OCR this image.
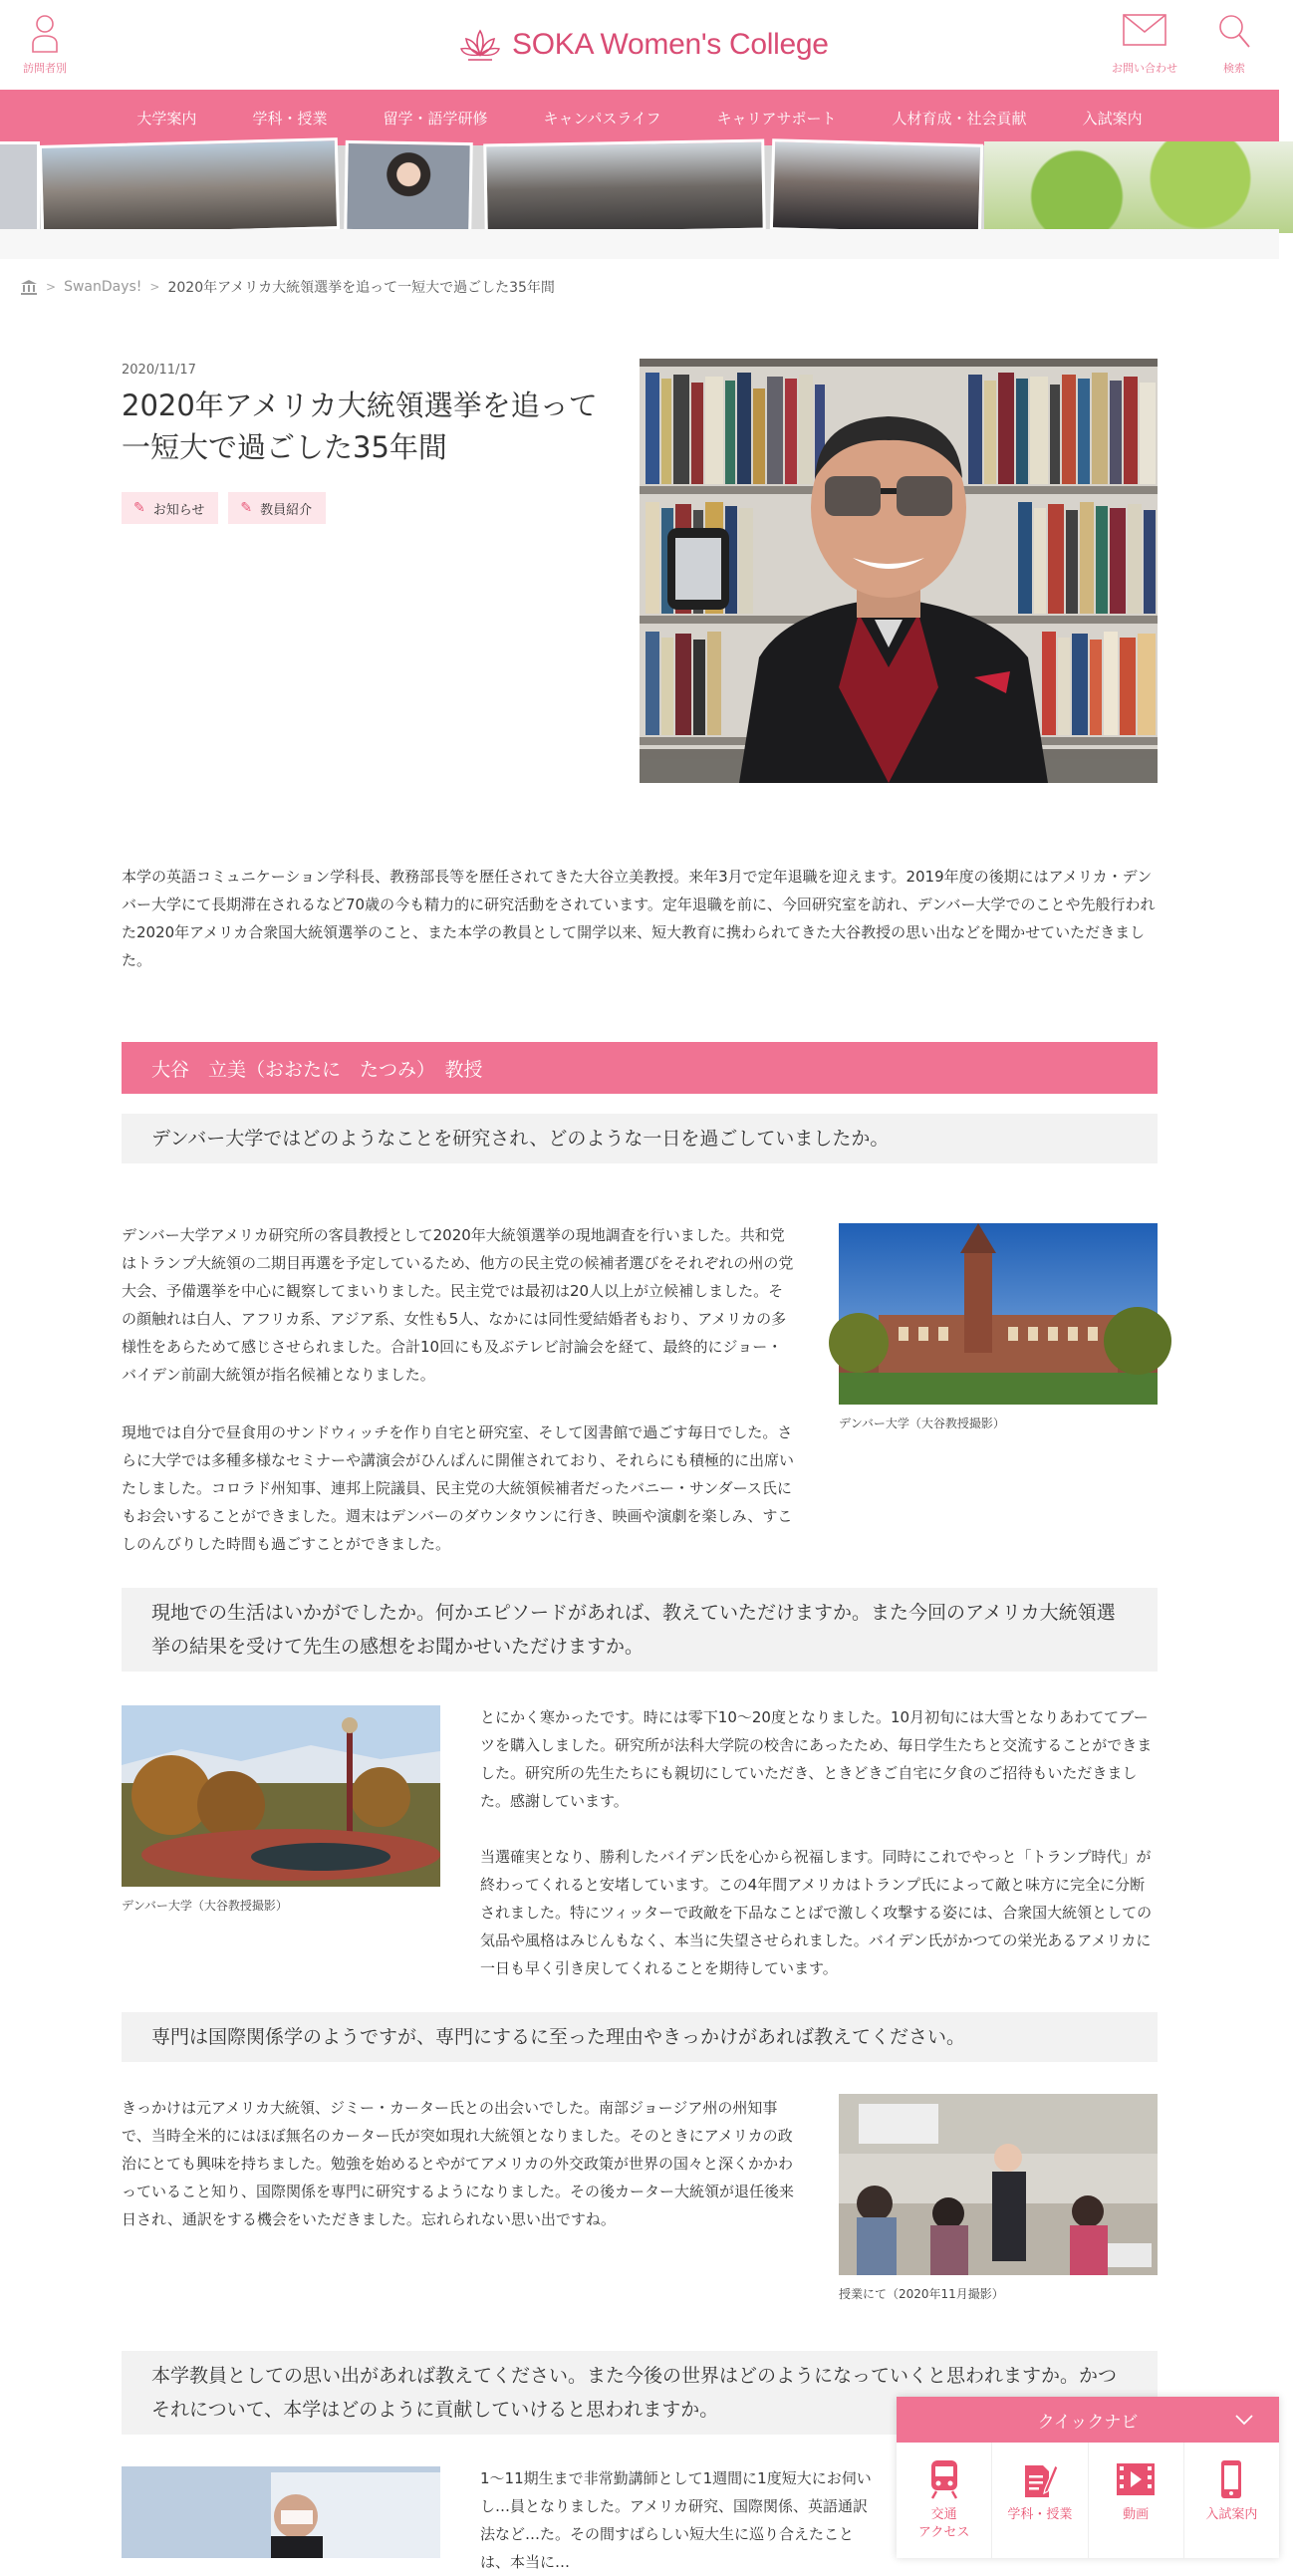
訪問者別
SOKA Women's College
お問い合わせ	検索
大学案内	学科・授業	留学・語学研修	キャンパスライフ	キャリアサポート	人材育成・社会貢献	入試案内
> SwanDays! > 2020年アメリカ大統領選挙を追って一短大で過ごした35年間
2020/11/17
2020年アメリカ大統領選挙を追って一短大で過ごした35年間
✎ お知らせ	✎ 教員紹介

本学の英語コミュニケーション学科長、教務部長等を歴任されてきた大谷立美教授。来年3月で定年退職を迎えます。2019年度の後期にはアメリカ・デンバー大学にて長期滞在されるなど70歳の今も精力的に研究活動をされています。定年退職を前に、今回研究室を訪れ、デンバー大学でのことや先般行われた2020年アメリカ合衆国大統領選挙のこと、また本学の教員として開学以来、短大教育に携わられてきた大谷教授の思い出などを聞かせていただきました。

大谷　立美（おおたに　たつみ）　教授
デンバー大学ではどのようなことを研究され、どのような一日を過ごしていましたか。

デンバー大学アメリカ研究所の客員教授として2020年大統領選挙の現地調査を行いました。共和党はトランプ大統領の二期目再選を予定しているため、他方の民主党の候補者選びをそれぞれの州の党大会、予備選挙を中心に観察してまいりました。民主党では最初は20人以上が立候補しました。その顔触れは白人、アフリカ系、アジア系、女性も5人、なかには同性愛結婚者もおり、アメリカの多様性をあらためて感じさせられました。合計10回にも及ぶテレビ討論会を経て、最終的にジョー・バイデン前副大統領が指名候補となりました。

現地では自分で昼食用のサンドウィッチを作り自宅と研究室、そして図書館で過ごす毎日でした。さらに大学では多種多様なセミナーや講演会がひんぱんに開催されており、それらにも積極的に出席いたしました。コロラド州知事、連邦上院議員、民主党の大統領候補者だったバニー・サンダース氏にもお会いすることができました。週末はデンバーのダウンタウンに行き、映画や演劇を楽しみ、すこしのんびりした時間も過ごすことができました。

デンバー大学（大谷教授撮影）
現地での生活はいかがでしたか。何かエピソードがあれば、教えていただけますか。また今回のアメリカ大統領選挙の結果を受けて先生の感想をお聞かせいただけますか。
デンバー大学（大谷教授撮影）

とにかく寒かったです。時には零下10～20度となりました。10月初旬には大雪となりあわててブーツを購入しました。研究所が法科大学院の校舎にあったため、毎日学生たちと交流することができました。研究所の先生たちにも親切にしていただき、ときどきご自宅に夕食のご招待もいただきました。感謝しています。

当選確実となり、勝利したバイデン氏を心から祝福します。同時にこれでやっと「トランプ時代」が終わってくれると安堵しています。この4年間アメリカはトランプ氏によって敵と味方に完全に分断されました。特にツィッターで政敵を下品なことばで激しく攻撃する姿には、合衆国大統領としての気品や風格はみじんもなく、本当に失望させられました。バイデン氏がかつての栄光あるアメリカに一日も早く引き戻してくれることを期待しています。

専門は国際関係学のようですが、専門にするに至った理由やきっかけがあれば教えてください。

きっかけは元アメリカ大統領、ジミー・カーター氏との出会いでした。南部ジョージア州の州知事で、当時全米的にはほぼ無名のカーター氏が突如現れ大統領となりました。そのときにアメリカの政治にとても興味を持ちました。勉強を始めるとやがてアメリカの外交政策が世界の国々と深くかかわっていること知り、国際関係を専門に研究するようになりました。その後カーター大統領が退任後来日され、通訳をする機会をいただきました。忘れられない思い出ですね。

授業にて（2020年11月撮影）
本学教員としての思い出があれば教えてください。また今後の世界はどのようになっていくと思われますか。かつそれについて、本学はどのように貢献していけると思われますか。

1～11期生まで非常勤講師として1週間に1度短大にお伺いし…員となりました。アメリカ研究、国際関係、英語通訳法など…た。その間すばらしい短大生に巡り合えたことは、本当に…

クイックナビ
交通
アクセス
学科・授業	動画	入試案内
